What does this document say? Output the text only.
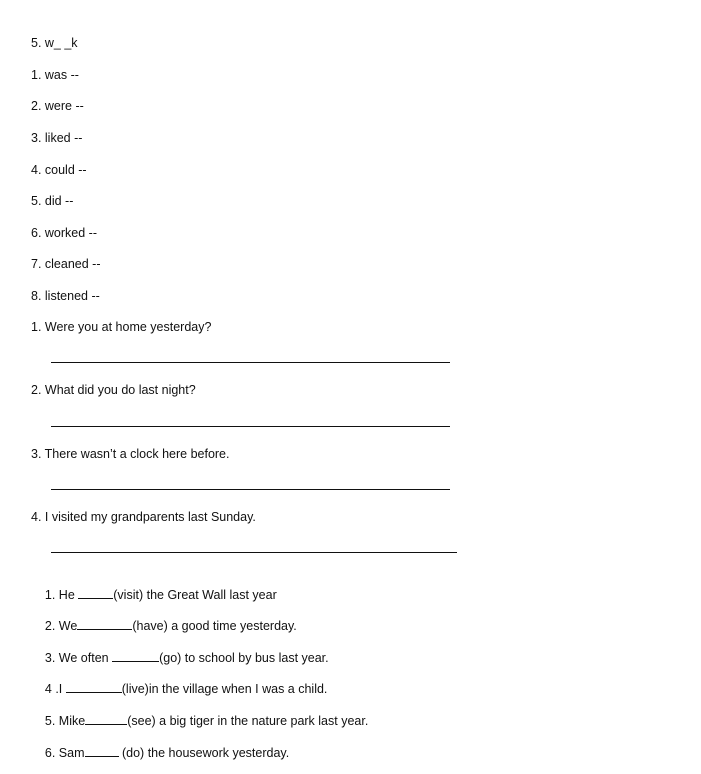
5. w_ _k
1. was --
2. were --
3. liked --
4. could --
5. did --
6. worked --
7. cleaned --
8. listened --
1. Were you at home yesterday?
2. What did you do last night?
3. There wasn’t a clock here before.
4. I visited my grandparents last Sunday.

1. He	(visit) the Great Wall last year

2. We	(have) a good time yesterday.

3. We often	(go) to school by bus last year.

4 .I	(live)in the village when I was a child.

5. Mike	(see) a big tiger in the nature park last year.

6. Sam	(do) the housework yesterday.
